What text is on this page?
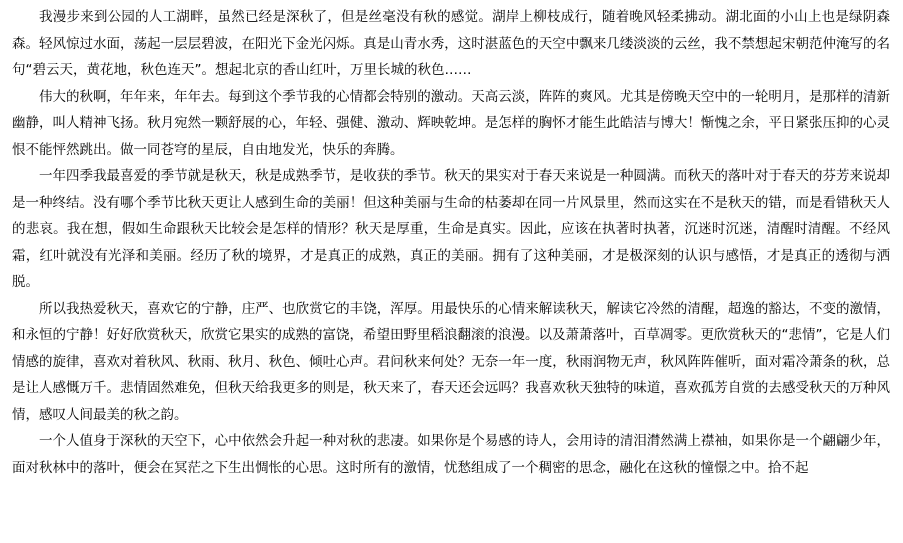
我漫步来到公园的人工湖畔，虽然已经是深秋了，但是丝毫没有秋的感觉。湖岸上柳枝成行，随着晚风轻柔拂动。湖北面的小山上也是绿阴森森。轻风惊过水面，荡起一层层碧波，在阳光下金光闪烁。真是山青水秀，这时湛蓝色的天空中飘来几缕淡淡的云丝，我不禁想起宋朝范仲淹写的名句“碧云天，黄花地，秋色连天”。想起北京的香山红叶，万里长城的秋色……

伟大的秋啊，年年来，年年去。每到这个季节我的心情都会特别的激动。天高云淡，阵阵的爽风。尤其是傍晚天空中的一轮明月，是那样的清新幽静，叫人精神飞扬。秋月宛然一颗舒展的心，年轻、强健、激动、辉映乾坤。是怎样的胸怀才能生此皓洁与博大！惭愧之余，平日紧张压抑的心灵恨不能怦然跳出。做一同苍穹的星辰，自由地发光，快乐的奔腾。

一年四季我最喜爱的季节就是秋天，秋是成熟季节，是收获的季节。秋天的果实对于春天来说是一种圆满。而秋天的落叶对于春天的芬芳来说却是一种终结。没有哪个季节比秋天更让人感到生命的美丽！但这种美丽与生命的枯萎却在同一片风景里，然而这实在不是秋天的错，而是看错秋天人的悲哀。我在想，假如生命跟秋天比较会是怎样的情形？秋天是厚重，生命是真实。因此，应该在执著时执著，沉迷时沉迷，清醒时清醒。不经风霜，红叶就没有光泽和美丽。经历了秋的境界，才是真正的成熟，真正的美丽。拥有了这种美丽，才是极深刻的认识与感悟，才是真正的透彻与洒脱。

所以我热爱秋天，喜欢它的宁静，庄严、也欣赏它的丰饶，浑厚。用最快乐的心情来解读秋天，解读它冷然的清醒，超逸的豁达，不变的激情，和永恒的宁静！好好欣赏秋天，欣赏它果实的成熟的富饶，希望田野里稻浪翻滚的浪漫。以及萧萧落叶，百草凋零。更欣赏秋天的“悲情”，它是人们情感的旋律，喜欢对着秋风、秋雨、秋月、秋色、倾吐心声。君问秋来何处？无奈一年一度，秋雨润物无声，秋风阵阵催听，面对霜冷萧条的秋，总是让人感慨万千。悲情固然难免，但秋天给我更多的则是，秋天来了，春天还会远吗？我喜欢秋天独特的味道，喜欢孤芳自赏的去感受秋天的万种风情，感叹人间最美的秋之韵。

一个人值身于深秋的天空下，心中依然会升起一种对秋的悲凄。如果你是个易感的诗人，会用诗的清泪潸然满上襟袖，如果你是一个翩翩少年，面对秋林中的落叶，便会在冥茫之下生出惆怅的心思。这时所有的激情，忧愁组成了一个稠密的思念，融化在这秋的憧憬之中。拾不起
